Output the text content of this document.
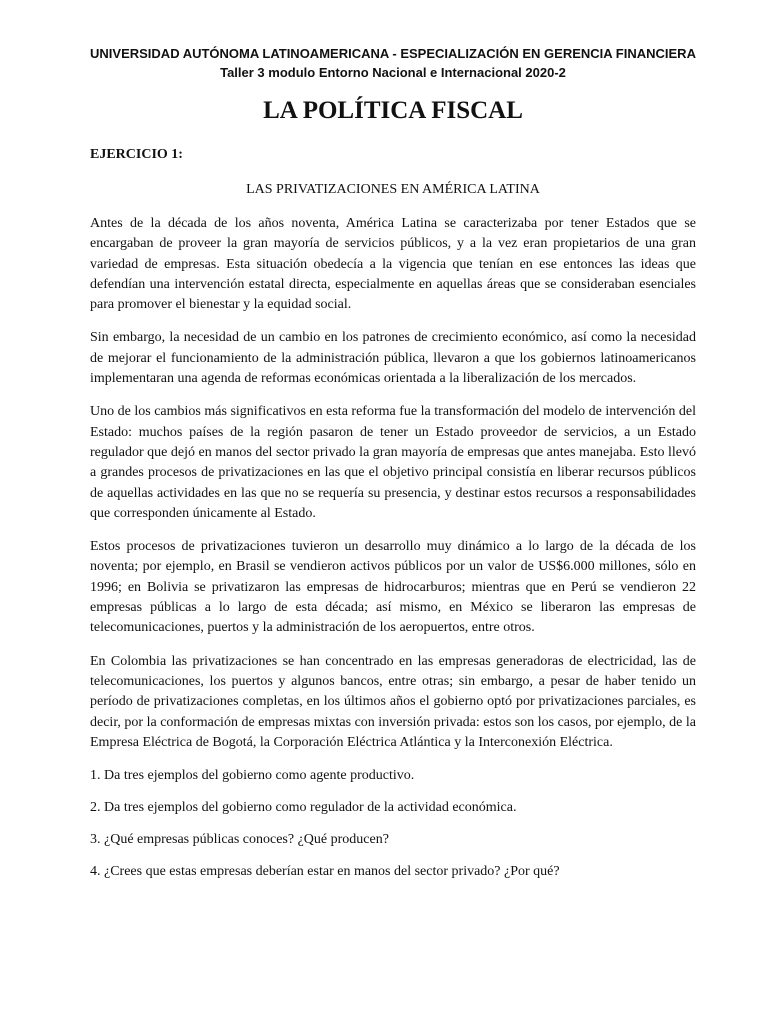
UNIVERSIDAD AUTÓNOMA LATINOAMERICANA - ESPECIALIZACIÓN EN GERENCIA FINANCIERA

Taller 3 modulo Entorno Nacional e Internacional 2020-2

LA POLÍTICA FISCAL

EJERCICIO 1:

LAS PRIVATIZACIONES EN AMÉRICA LATINA

Antes de la década de los años noventa, América Latina se caracterizaba por tener Estados que se encargaban de proveer la gran mayoría de servicios públicos, y a la vez eran propietarios de una gran variedad de empresas. Esta situación obedecía a la vigencia que tenían en ese entonces las ideas que defendían una intervención estatal directa, especialmente en aquellas áreas que se consideraban esenciales para promover el bienestar y la equidad social.

Sin embargo, la necesidad de un cambio en los patrones de crecimiento económico, así como la necesidad de mejorar el funcionamiento de la administración pública, llevaron a que los gobiernos latinoamericanos implementaran una agenda de reformas económicas orientada a la liberalización de los mercados.

Uno de los cambios más significativos en esta reforma fue la transformación del modelo de intervención del Estado: muchos países de la región pasaron de tener un Estado proveedor de servicios, a un Estado regulador que dejó en manos del sector privado la gran mayoría de empresas que antes manejaba. Esto llevó a grandes procesos de privatizaciones en las que el objetivo principal consistía en liberar recursos públicos de aquellas actividades en las que no se requería su presencia, y destinar estos recursos a responsabilidades que corresponden únicamente al Estado.

Estos procesos de privatizaciones tuvieron un desarrollo muy dinámico a lo largo de la década de los noventa; por ejemplo, en Brasil se vendieron activos públicos por un valor de US$6.000 millones, sólo en 1996; en Bolivia se privatizaron las empresas de hidrocarburos; mientras que en Perú se vendieron 22 empresas públicas a lo largo de esta década; así mismo, en México se liberaron las empresas de telecomunicaciones, puertos y la administración de los aeropuertos, entre otros.

En Colombia las privatizaciones se han concentrado en las empresas generadoras de electricidad, las de telecomunicaciones, los puertos y algunos bancos, entre otras; sin embargo, a pesar de haber tenido un período de privatizaciones completas, en los últimos años el gobierno optó por privatizaciones parciales, es decir, por la conformación de empresas mixtas con inversión privada: estos son los casos, por ejemplo, de la Empresa Eléctrica de Bogotá, la Corporación Eléctrica Atlántica y la Interconexión Eléctrica.

1. Da tres ejemplos del gobierno como agente productivo.

2. Da tres ejemplos del gobierno como regulador de la actividad económica.

3. ¿Qué empresas públicas conoces? ¿Qué producen?

4. ¿Crees que estas empresas deberían estar en manos del sector privado? ¿Por qué?
